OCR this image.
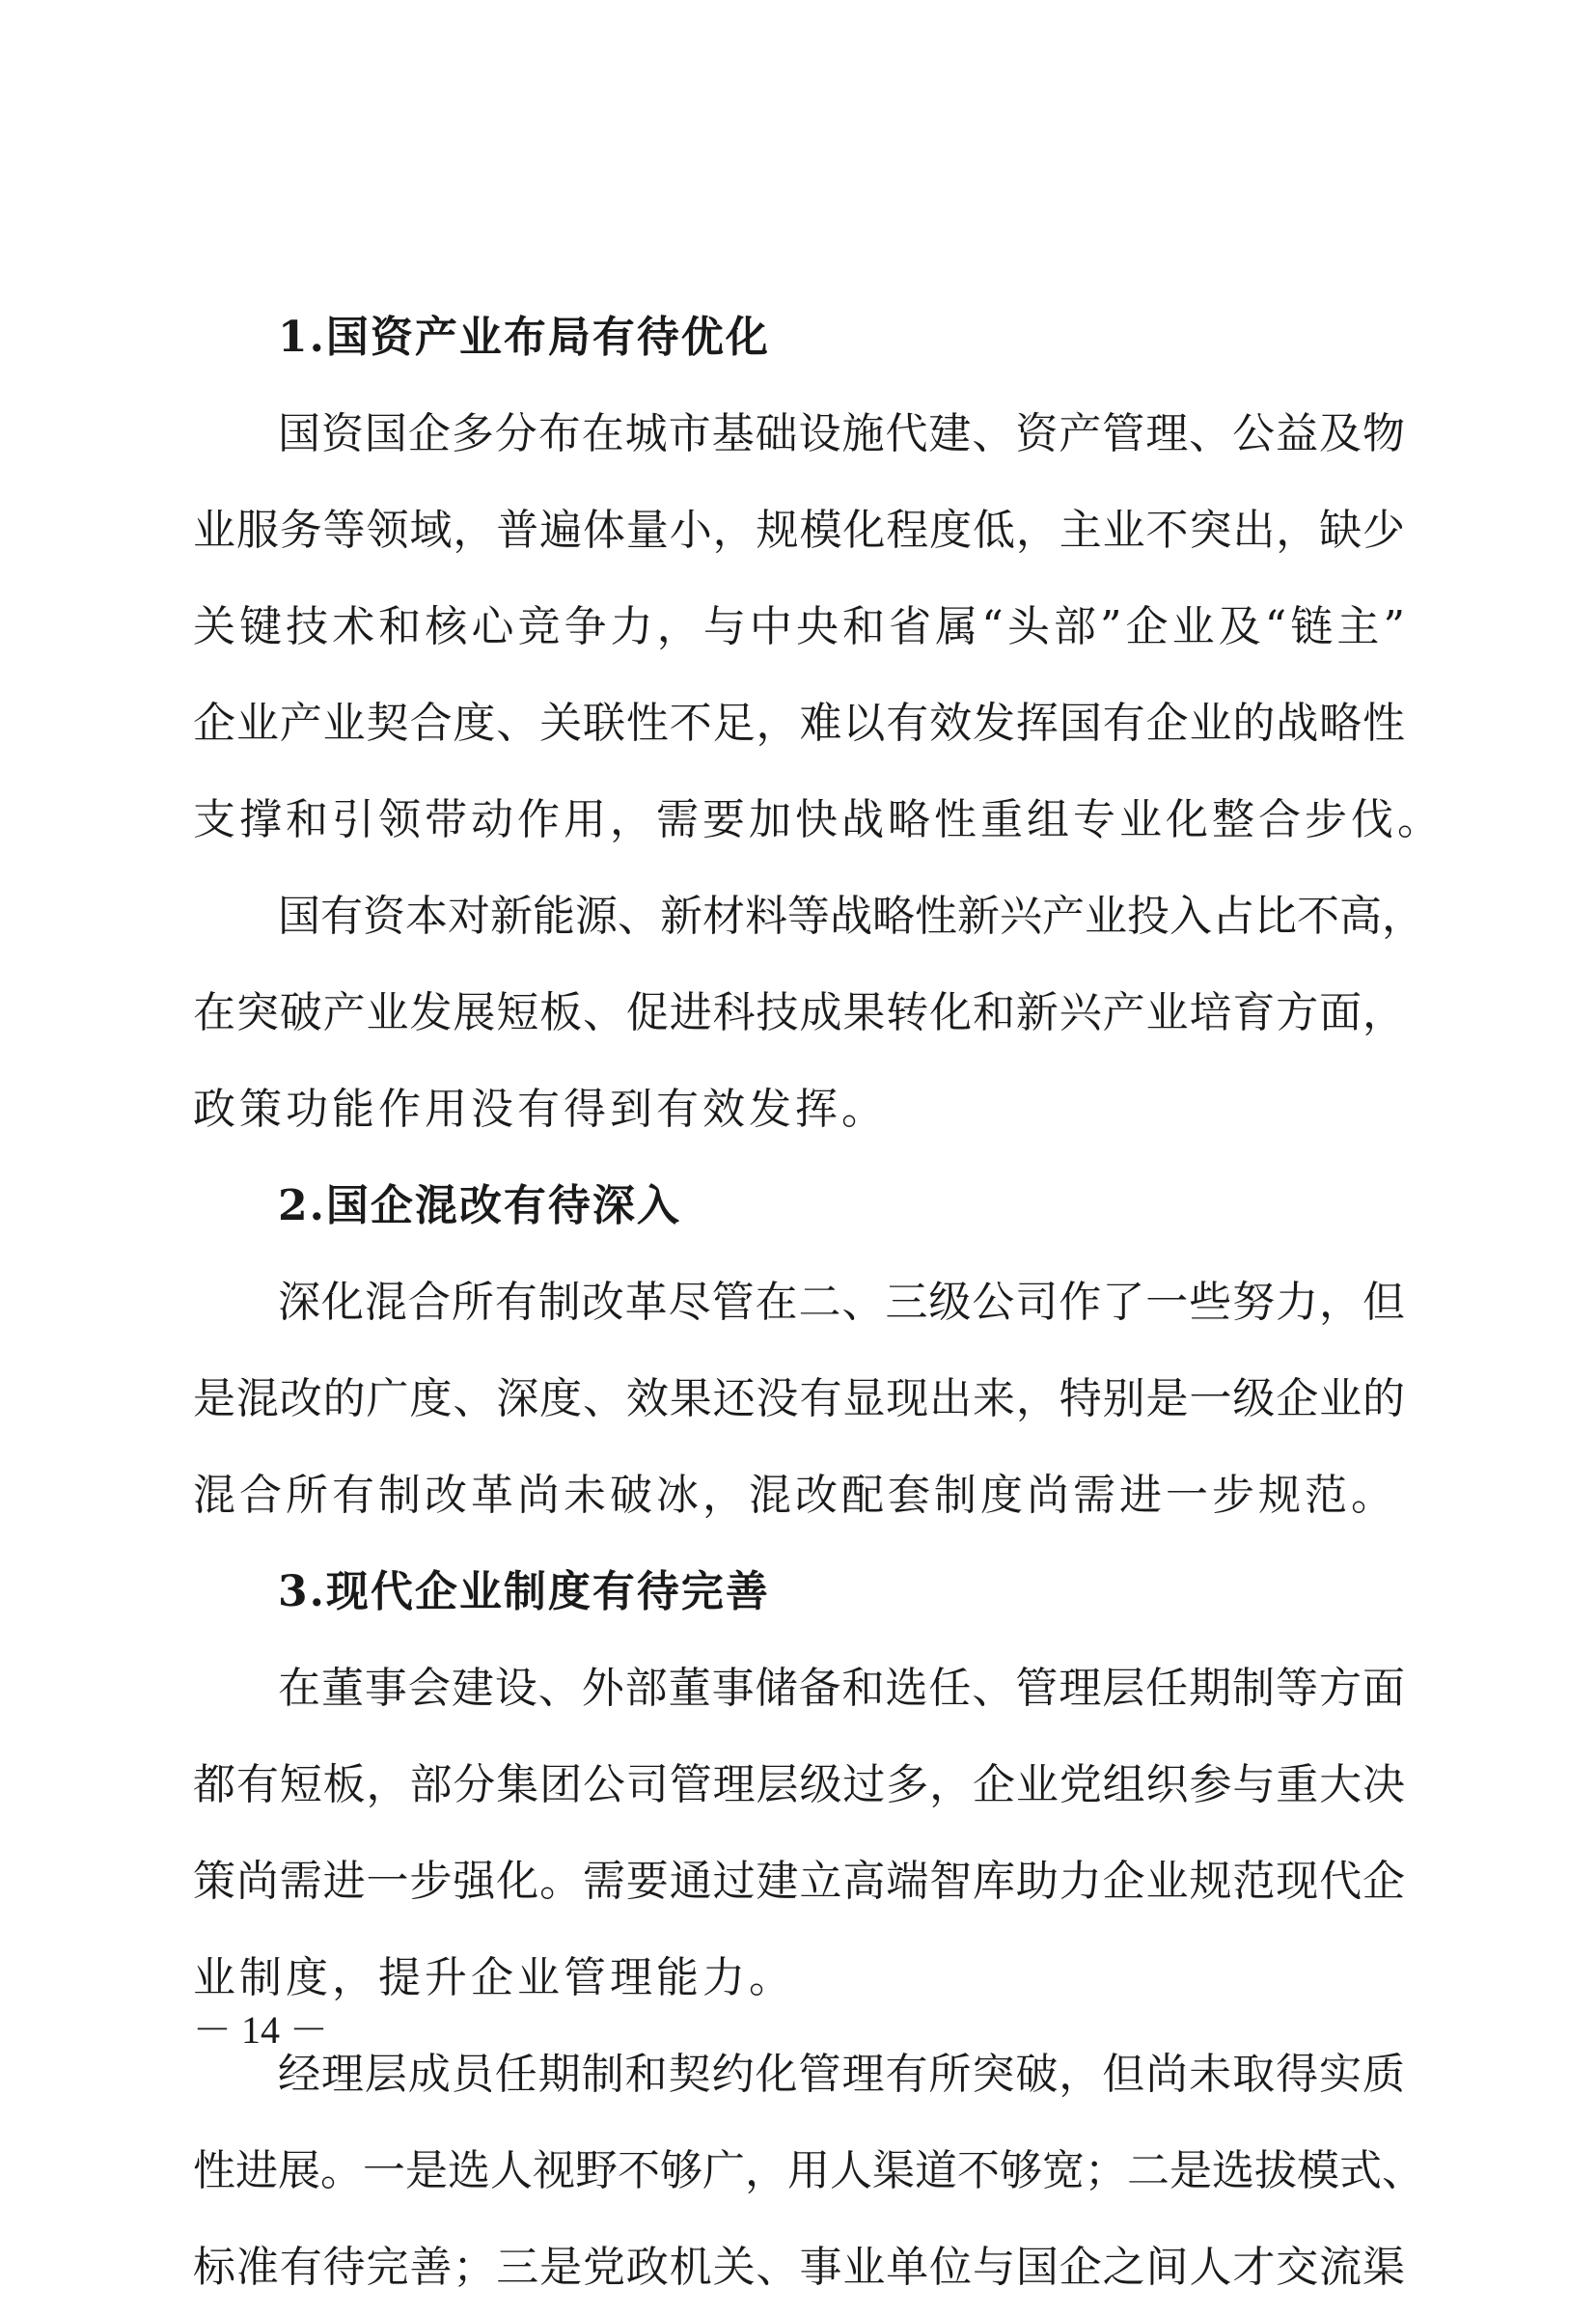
1.国资产业布局有待优化
国资国企多分布在城市基础设施代建、资产管理、公益及物
业服务等领域，普遍体量小，规模化程度低，主业不突出，缺少
关键技术和核心竞争力，与中央和省属“头部”企业及“链主”
企业产业契合度、关联性不足，难以有效发挥国有企业的战略性
支撑和引领带动作用，需要加快战略性重组专业化整合步伐。
国有资本对新能源、新材料等战略性新兴产业投入占比不高，
在突破产业发展短板、促进科技成果转化和新兴产业培育方面，
政策功能作用没有得到有效发挥。
2.国企混改有待深入
深化混合所有制改革尽管在二、三级公司作了一些努力，但
是混改的广度、深度、效果还没有显现出来，特别是一级企业的
混合所有制改革尚未破冰，混改配套制度尚需进一步规范。
3.现代企业制度有待完善
在董事会建设、外部董事储备和选任、管理层任期制等方面
都有短板，部分集团公司管理层级过多，企业党组织参与重大决
策尚需进一步强化。需要通过建立高端智库助力企业规范现代企
业制度，提升企业管理能力。
经理层成员任期制和契约化管理有所突破，但尚未取得实质
性进展。一是选人视野不够广，用人渠道不够宽；二是选拔模式、
标准有待完善；三是党政机关、事业单位与国企之间人才交流渠
－ 14 －
